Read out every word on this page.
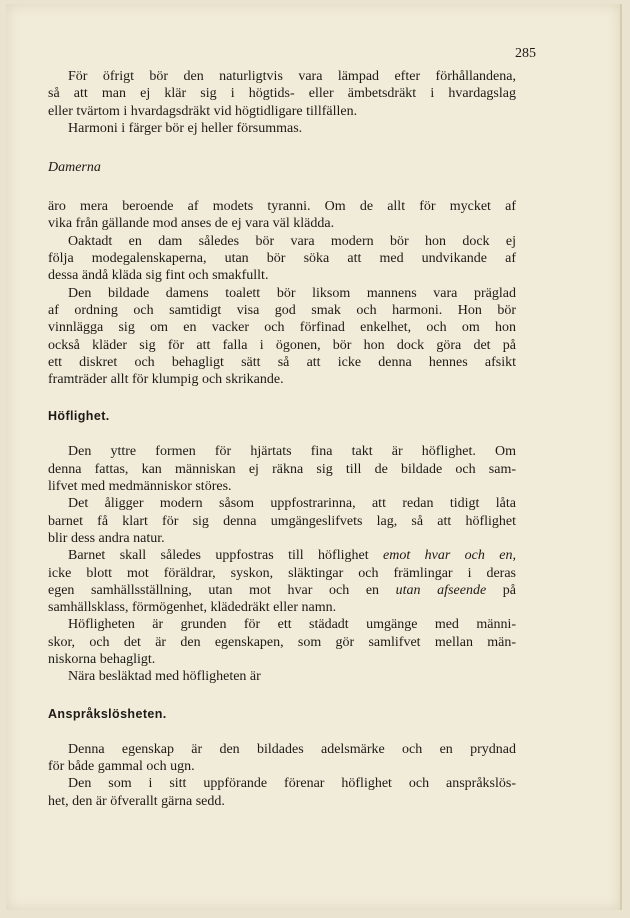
285

För öfrigt bör den naturligtvis vara lämpad efter förhållandena,

så att man ej klär sig i högtids- eller ämbetsdräkt i hvardagslag

eller tvärtom i hvardagsdräkt vid högtidligare tillfällen.

Harmoni i färger bör ej heller försummas.

Damerna

äro mera beroende af modets tyranni. Om de allt för mycket af

vika från gällande mod anses de ej vara väl klädda.

Oaktadt en dam således bör vara modern bör hon dock ej

följa modegalenskaperna, utan bör söka att med undvikande af

dessa ändå kläda sig fint och smakfullt.

Den bildade damens toalett bör liksom mannens vara präglad

af ordning och samtidigt visa god smak och harmoni. Hon bör

vinnlägga sig om en vacker och förfinad enkelhet, och om hon

också kläder sig för att falla i ögonen, bör hon dock göra det på

ett diskret och behagligt sätt så att icke denna hennes afsikt

framträder allt för klumpig och skrikande.

Höflighet.

Den yttre formen för hjärtats fina takt är höflighet. Om

denna fattas, kan människan ej räkna sig till de bildade och sam-

lifvet med medmänniskor störes.

Det åligger modern såsom uppfostrarinna, att redan tidigt låta

barnet få klart för sig denna umgängeslifvets lag, så att höflighet

blir dess andra natur.

Barnet skall således uppfostras till höflighet emot hvar och en,

icke blott mot föräldrar, syskon, släktingar och främlingar i deras

egen samhällsställning, utan mot hvar och en utan afseende på

samhällsklass, förmögenhet, klädedräkt eller namn.

Höfligheten är grunden för ett städadt umgänge med männi-

skor, och det är den egenskapen, som gör samlifvet mellan män-

niskorna behagligt.

Nära besläktad med höfligheten är

Anspråkslösheten.

Denna egenskap är den bildades adelsmärke och en prydnad

för både gammal och ugn.

Den som i sitt uppförande förenar höflighet och anspråkslös-

het, den är öfverallt gärna sedd.
